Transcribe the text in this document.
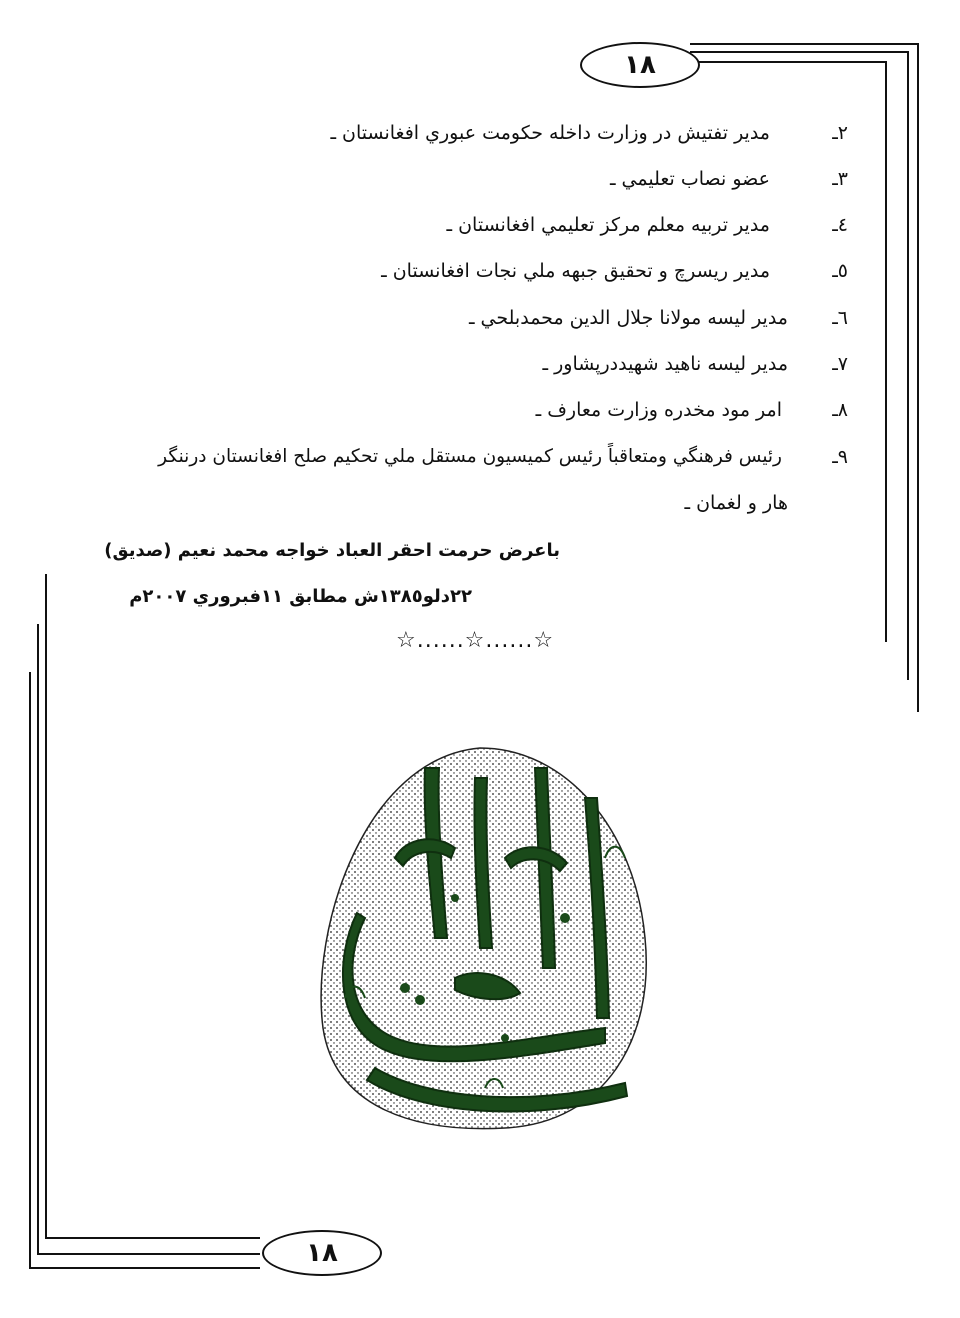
۱۸
۱۸
۲ـ
مدیر تفتیش در وزارت داخله حکومت عبوري افغانستان ـ
۳ـ
عضو نصاب تعلیمي ـ
٤ـ
مدیر تربیه معلم مرکز تعلیمي افغانستان ـ
٥ـ
مدیر ریسرچ و تحقیق جبهه ملي نجات افغانستان ـ
٦ـ
مدیر لیسه مولانا جلال الدین محمدبلحي ـ
۷ـ
مدیر لیسه ناهید شهیددرپشاور ـ
۸ـ
امر مود مخدره وزارت معارف ـ
۹ـ
رئیس فرهنگي ومتعاقباً رئیس کمیسیون مستقل ملي تحکیم صلح افغانستان درننگر
هار و لغمان ـ
باعرض حرمت احقر العباد خواجه محمد نعیم (صدیق)
۲۲دلو۱۳۸٥ش مطابق ۱۱فبروري ۲۰۰۷م
☆......☆......☆
